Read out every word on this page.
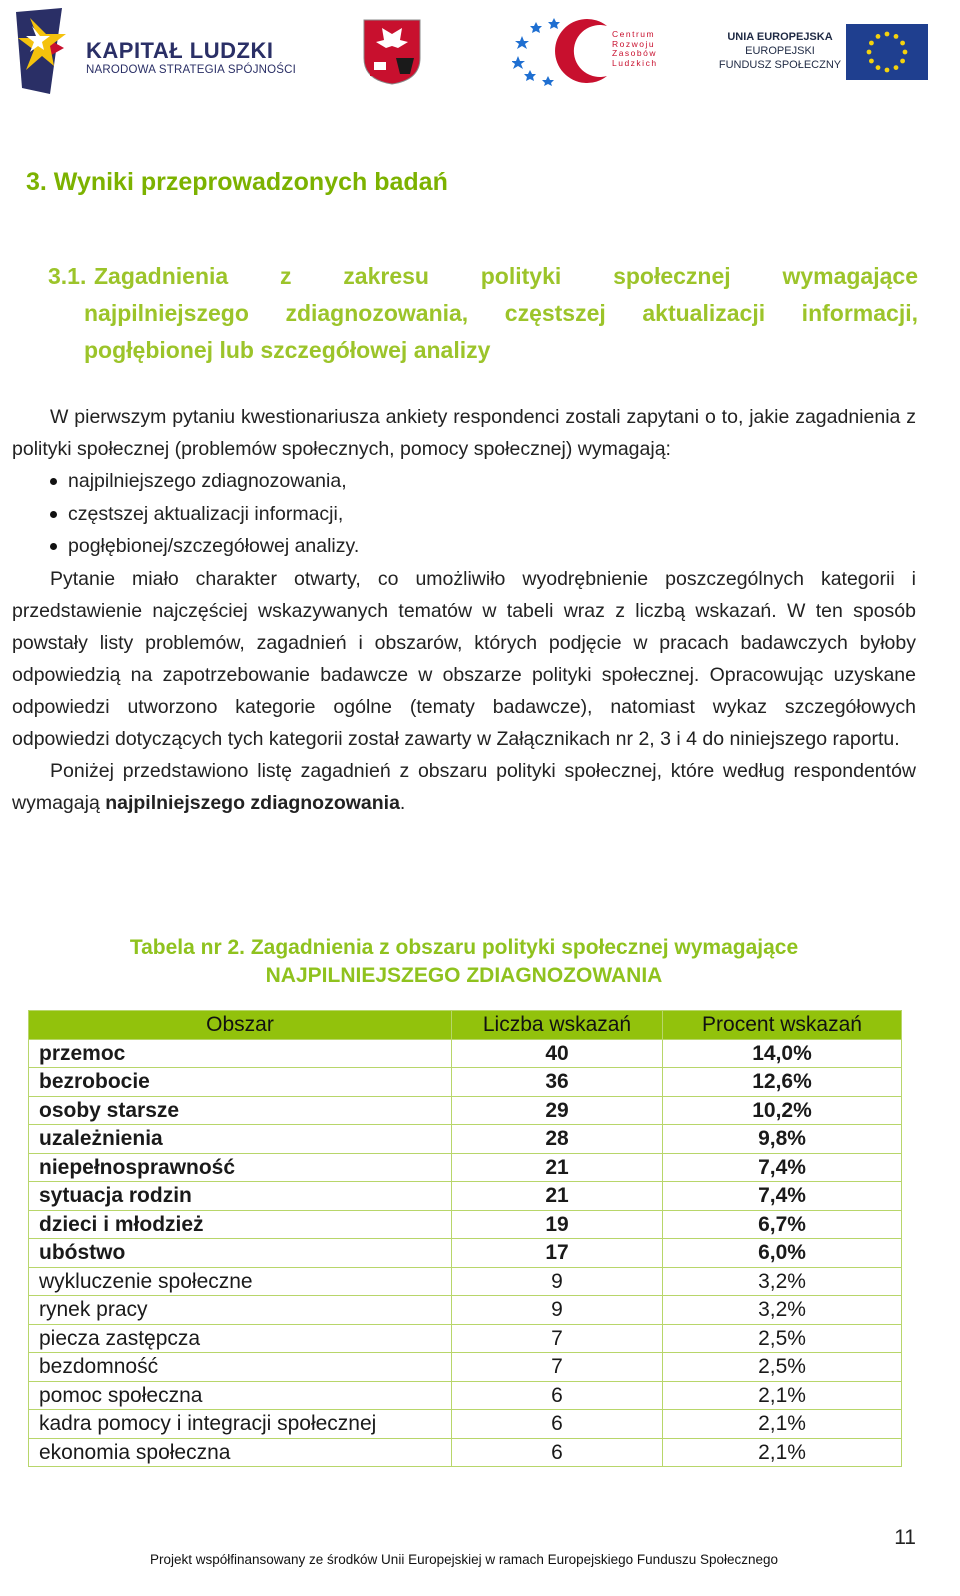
KAPITAŁ LUDZKI
NARODOWA STRATEGIA SPÓJNOŚCI
Centrum
Rozwoju
Zasobów
Ludzkich
UNIA EUROPEJSKA
EUROPEJSKI
FUNDUSZ SPOŁECZNY
3. Wyniki przeprowadzonych badań
3.1. Zagadnienia z zakresu polityki społecznej wymagające
najpilniejszego zdiagnozowania, częstszej aktualizacji informacji, pogłębionej lub szczegółowej analizy

W pierwszym pytaniu kwestionariusza ankiety respondenci zostali zapytani o to, jakie zagadnienia z polityki społecznej (problemów społecznych, pomocy społecznej) wymagają:

najpilniejszego zdiagnozowania,
częstszej aktualizacji informacji,
pogłębionej/szczegółowej analizy.

Pytanie miało charakter otwarty, co umożliwiło wyodrębnienie poszczególnych kategorii i przedstawienie najczęściej wskazywanych tematów w tabeli wraz z liczbą wskazań. W ten sposób powstały listy problemów, zagadnień i obszarów, których podjęcie w pracach badawczych byłoby odpowiedzią na zapotrzebowanie badawcze w obszarze polityki społecznej. Opracowując uzyskane odpowiedzi utworzono kategorie ogólne (tematy badawcze), natomiast wykaz szczegółowych odpowiedzi dotyczących tych kategorii został zawarty w Załącznikach nr 2, 3 i 4 do niniejszego raportu.

Poniżej przedstawiono listę zagadnień z obszaru polityki społecznej, które według respondentów wymagają najpilniejszego zdiagnozowania.

Tabela nr 2. Zagadnienia z obszaru polityki społecznej wymagające
NAJPILNIEJSZEGO ZDIAGNOZOWANIA
Obszar	Liczba wskazań	Procent wskazań
przemoc	40	14,0%
bezrobocie	36	12,6%
osoby starsze	29	10,2%
uzależnienia	28	9,8%
niepełnosprawność	21	7,4%
sytuacja rodzin	21	7,4%
dzieci i młodzież	19	6,7%
ubóstwo	17	6,0%
wykluczenie społeczne	9	3,2%
rynek pracy	9	3,2%
piecza zastępcza	7	2,5%
bezdomność	7	2,5%
pomoc społeczna	6	2,1%
kadra pomocy i integracji społecznej	6	2,1%
ekonomia społeczna	6	2,1%
11
Projekt współfinansowany ze środków Unii Europejskiej w ramach Europejskiego Funduszu Społecznego
